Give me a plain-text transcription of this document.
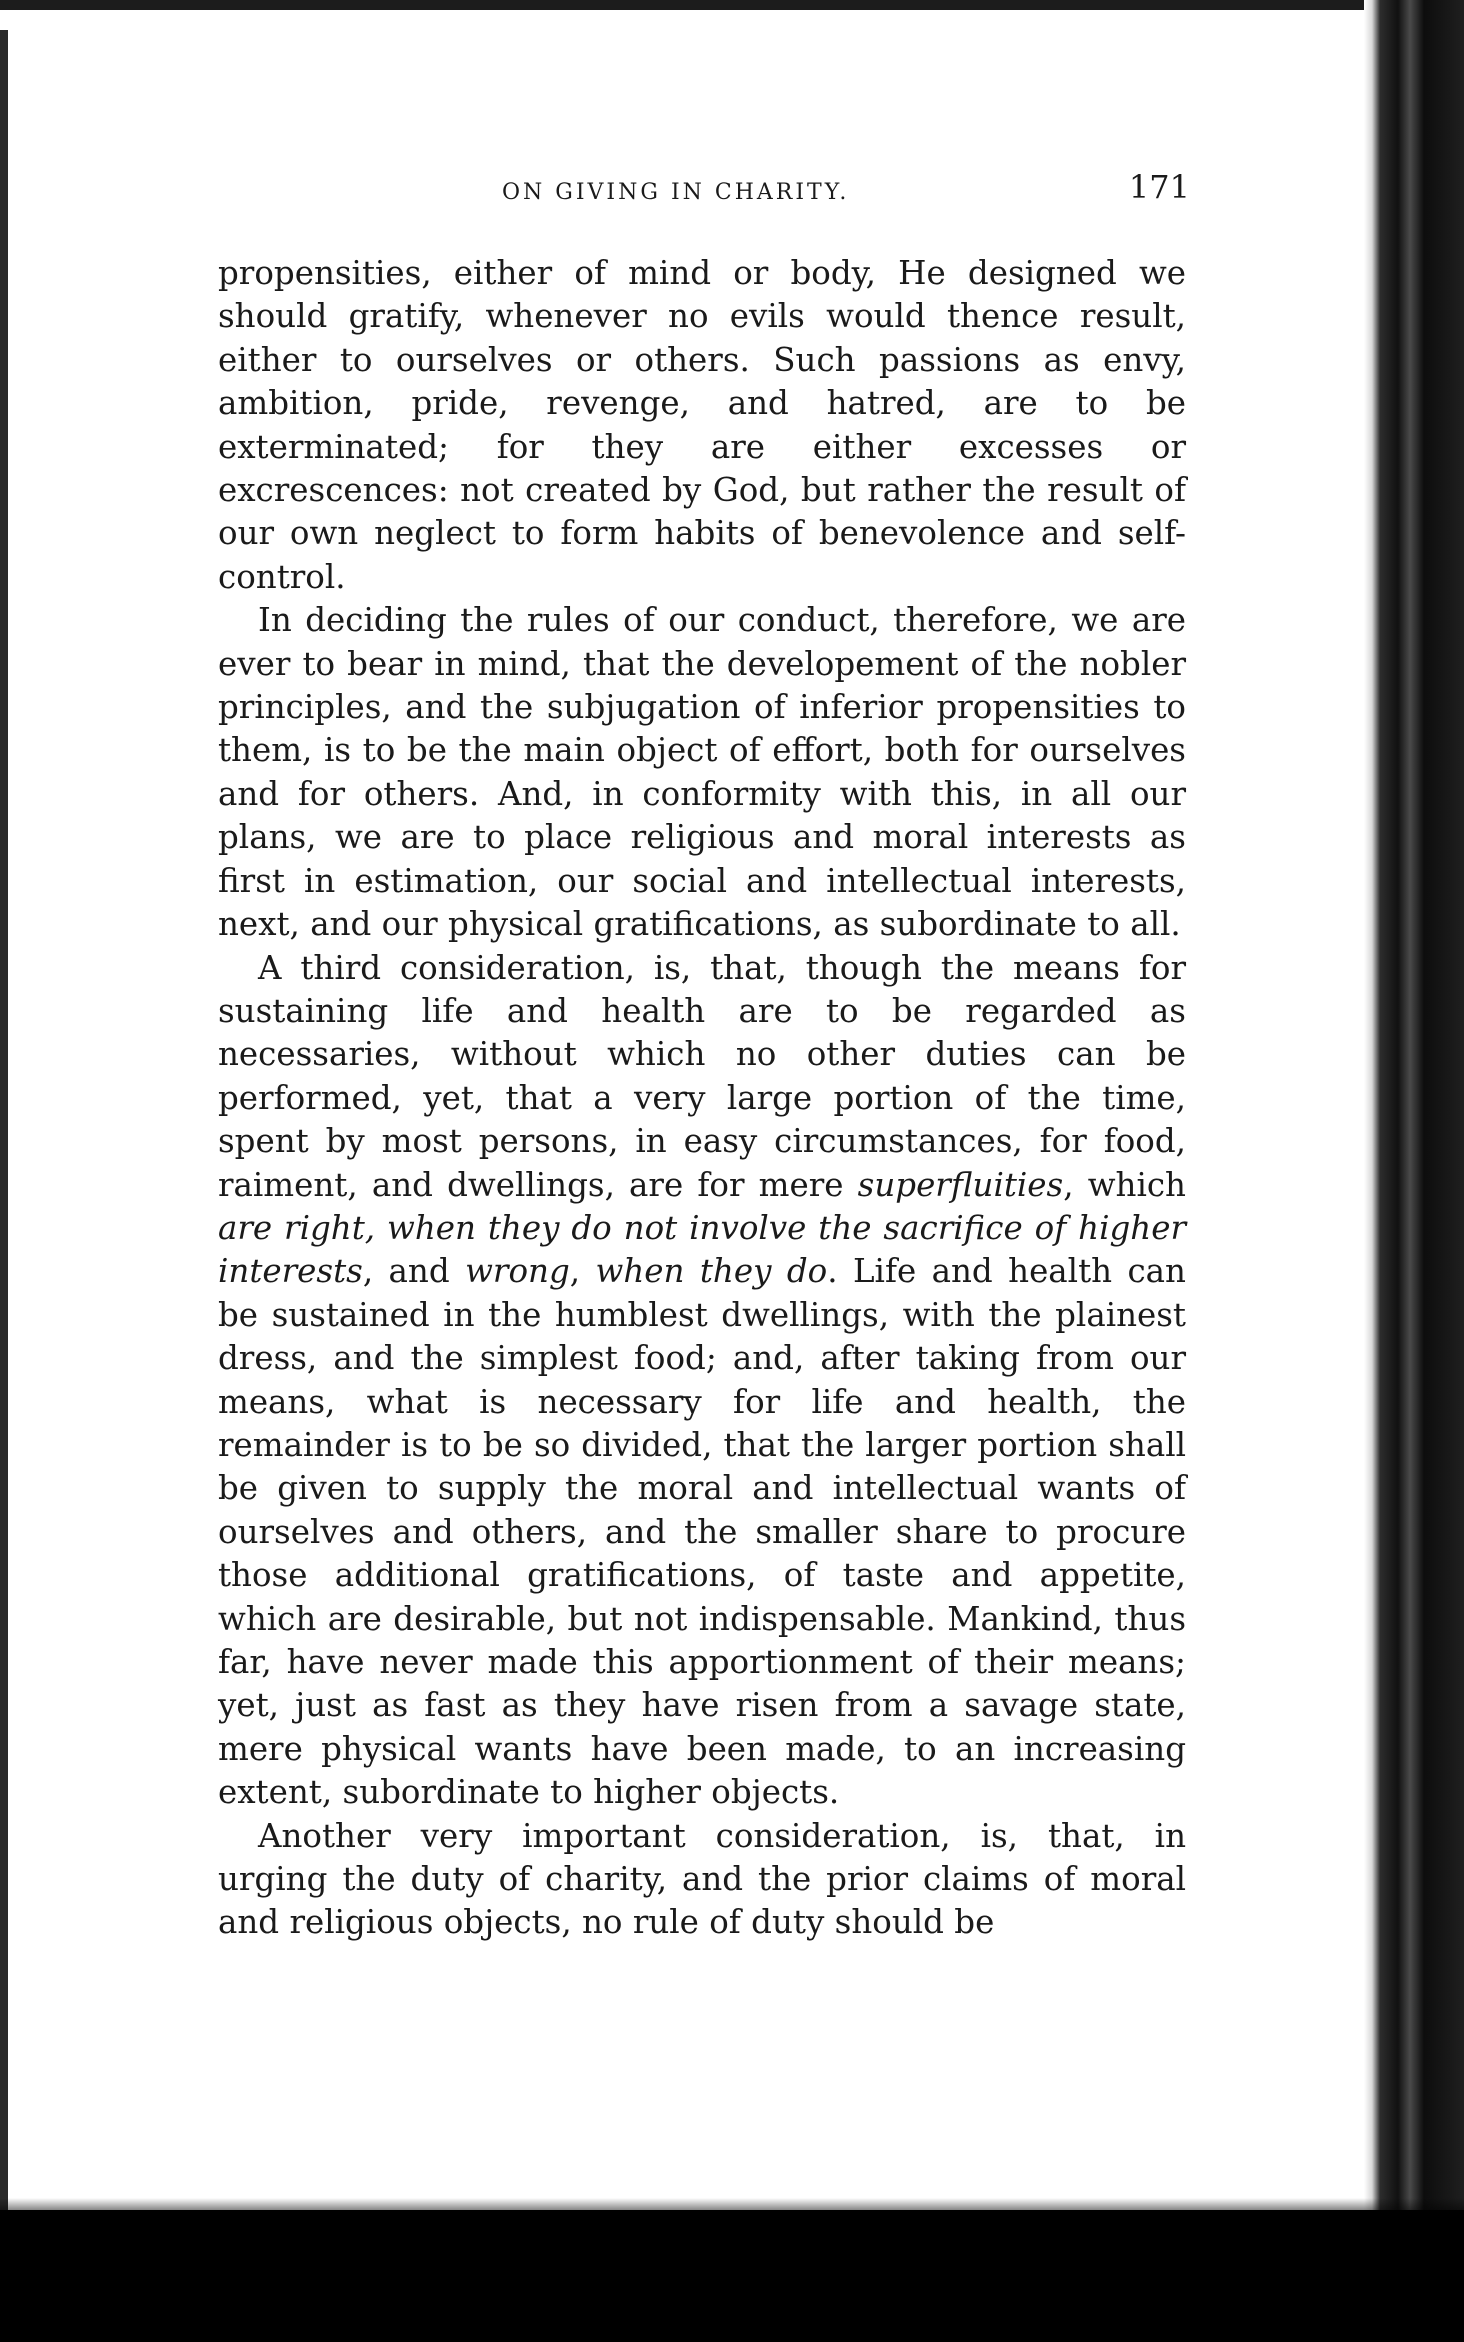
ON GIVING IN CHARITY.	171

propensities, either of mind or body, He designed we should gratify, whenever no evils would thence result, either to ourselves or others. Such passions as envy, ambition, pride, revenge, and hatred, are to be exterminated; for they are either excesses or excrescences: not created by God, but rather the result of our own neglect to form habits of benevolence and self-control.

In deciding the rules of our conduct, therefore, we are ever to bear in mind, that the developement of the nobler principles, and the subjugation of inferior propensities to them, is to be the main object of effort, both for ourselves and for others. And, in conformity with this, in all our plans, we are to place religious and moral interests as first in estimation, our social and intellectual interests, next, and our physical gratifications, as subordinate to all.

A third consideration, is, that, though the means for sustaining life and health are to be regarded as necessaries, without which no other duties can be performed, yet, that a very large portion of the time, spent by most persons, in easy circumstances, for food, raiment, and dwellings, are for mere superfluities, which are right, when they do not involve the sacrifice of higher interests, and wrong, when they do. Life and health can be sustained in the humblest dwellings, with the plainest dress, and the simplest food; and, after taking from our means, what is necessary for life and health, the remainder is to be so divided, that the larger portion shall be given to supply the moral and intellectual wants of ourselves and others, and the smaller share to procure those additional gratifications, of taste and appetite, which are desirable, but not indispensable. Mankind, thus far, have never made this apportionment of their means; yet, just as fast as they have risen from a savage state, mere physical wants have been made, to an increasing extent, subordinate to higher objects.

Another very important consideration, is, that, in urging the duty of charity, and the prior claims of moral and religious objects, no rule of duty should be
